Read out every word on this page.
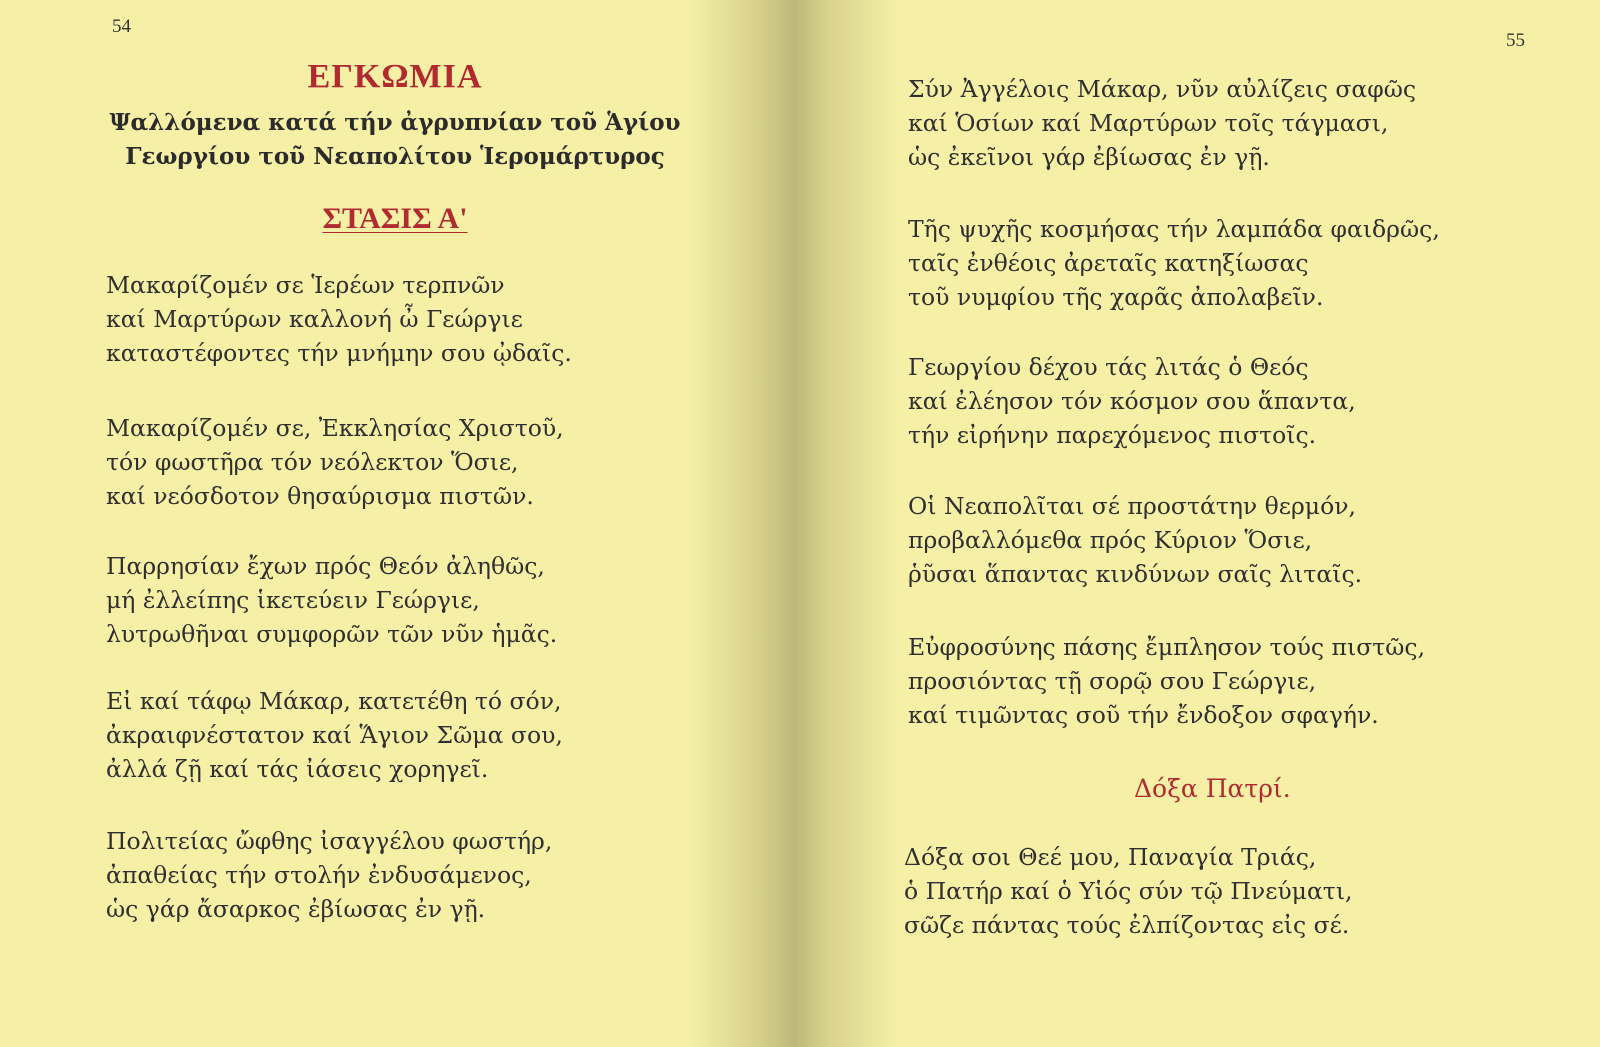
54
ΕΓΚΩΜΙΑ
Ψαλλόμενα κατά τήν ἀγρυπνίαν τοῦ Ἁγίου
Γεωργίου τοῦ Νεαπολίτου Ἱερομάρτυρος
ΣΤΑΣΙΣ Α'
Μακαρίζομέν σε Ἱερέων τερπνῶν
καί Μαρτύρων καλλονή ὦ Γεώργιε
καταστέφοντες τήν μνήμην σου ᾠδαῖς.
Μακαρίζομέν σε, Ἐκκλησίας Χριστοῦ,
τόν φωστῆρα τόν νεόλεκτον Ὅσιε,
καί νεόσδοτον θησαύρισμα πιστῶν.
Παρρησίαν ἔχων πρός Θεόν ἀληθῶς,
μή ἐλλείπης ἱκετεύειν Γεώργιε,
λυτρωθῆναι συμφορῶν τῶν νῦν ἡμᾶς.
Εἰ καί τάφῳ Μάκαρ, κατετέθη τό σόν,
ἀκραιφνέστατον καί Ἅγιον Σῶμα σου,
ἀλλά ζῇ καί τάς ἰάσεις χορηγεῖ.
Πολιτείας ὤφθης ἰσαγγέλου φωστήρ,
ἀπαθείας τήν στολήν ἐνδυσάμενος,
ὡς γάρ ἄσαρκος ἐβίωσας ἐν γῇ.
55
Σύν Ἀγγέλοις Μάκαρ, νῦν αὐλίζεις σαφῶς
καί Ὁσίων καί Μαρτύρων τοῖς τάγμασι,
ὡς ἐκεῖνοι γάρ ἐβίωσας ἐν γῇ.
Τῆς ψυχῆς κοσμήσας τήν λαμπάδα φαιδρῶς,
ταῖς ἐνθέοις ἀρεταῖς κατηξίωσας
τοῦ νυμφίου τῆς χαρᾶς ἀπολαβεῖν.
Γεωργίου δέχου τάς λιτάς ὁ Θεός
καί ἐλέησον τόν κόσμον σου ἅπαντα,
τήν εἰρήνην παρεχόμενος πιστοῖς.
Οἱ Νεαπολῖται σέ προστάτην θερμόν,
προβαλλόμεθα πρός Κύριον Ὅσιε,
ῥῦσαι ἅπαντας κινδύνων σαῖς λιταῖς.
Εὐφροσύνης πάσης ἔμπλησον τούς πιστῶς,
προσιόντας τῇ σορῷ σου Γεώργιε,
καί τιμῶντας σοῦ τήν ἔνδοξον σφαγήν.
Δόξα Πατρί.
Δόξα σοι Θεέ μου, Παναγία Τριάς,
ὁ Πατήρ καί ὁ Υἱός σύν τῷ Πνεύματι,
σῶζε πάντας τούς ἐλπίζοντας εἰς σέ.
